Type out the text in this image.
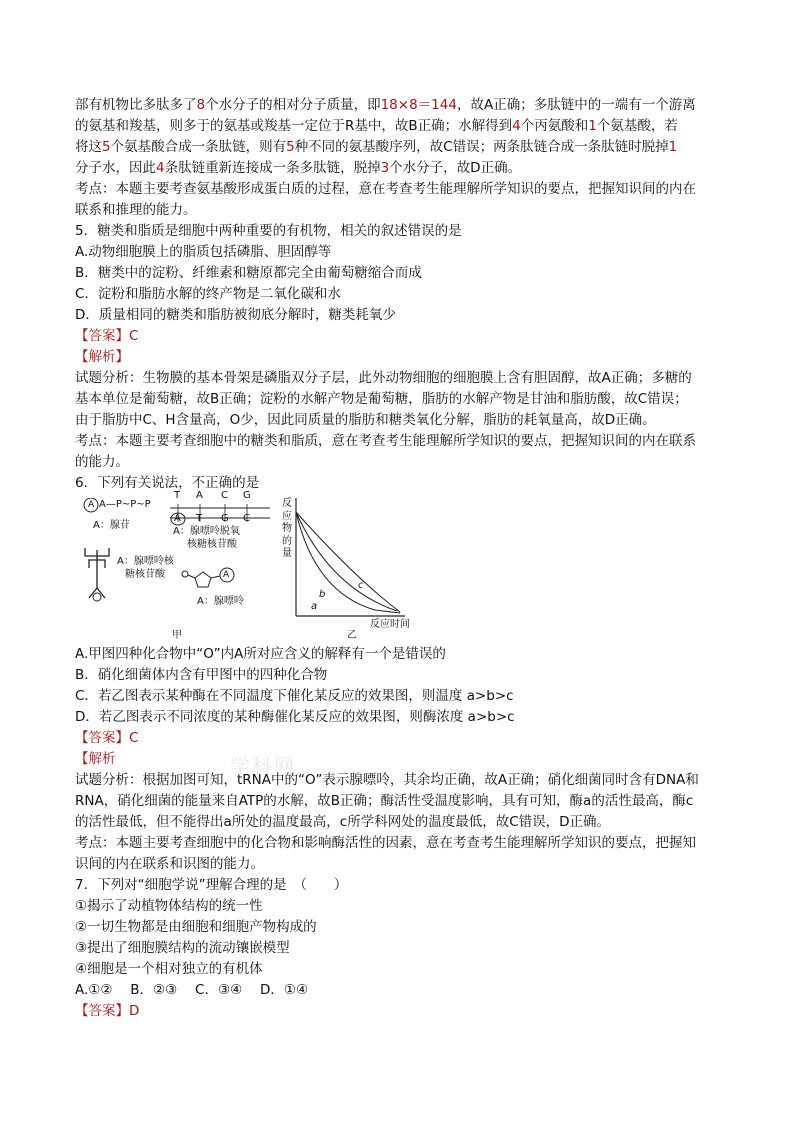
部有机物比多肽多了8个水分子的相对分子质量，即18×8＝144，故A正确；多肽链中的一端有一个游离
的氨基和羧基，则多于的氨基或羧基一定位于R基中，故B正确；水解得到4个丙氨酸和1个氨基酸，若
将这5个氨基酸合成一条肽链，则有5种不同的氨基酸序列，故C错误；两条肽链合成一条肽链时脱掉1
分子水，因此4条肽链重新连接成一条多肽链，脱掉3个水分子，故D正确。
考点：本题主要考查氨基酸形成蛋白质的过程，意在考查考生能理解所学知识的要点，把握知识间的内在
联系和推理的能力。
5．糖类和脂质是细胞中两种重要的有机物，相关的叙述错误的是
A.动物细胞膜上的脂质包括磷脂、胆固醇等
B．糖类中的淀粉、纤维素和糖原都完全由葡萄糖缩合而成
C．淀粉和脂肪水解的终产物是二氧化碳和水
D．质量相同的糖类和脂肪被彻底分解时，糖类耗氧少
【答案】C
【解析】
试题分析：生物膜的基本骨架是磷脂双分子层，此外动物细胞的细胞膜上含有胆固醇，故A正确；多糖的
基本单位是葡萄糖，故B正确；淀粉的水解产物是葡萄糖，脂肪的水解产物是甘油和脂肪酸，故C错误；
由于脂肪中C、H含量高，O少，因此同质量的脂肪和糖类氧化分解，脂肪的耗氧量高，故D正确。
考点：本题主要考查细胞中的糖类和脂质，意在考查考生能理解所学知识的要点，把握知识间的内在联系
的能力。
6．下列有关说法，不正确的是
A A—P~P~P
A：腺苷
T A C G
A T G C
A：腺嘌呤脱氧
核糖核苷酸
A：腺嘌呤核
糖核苷酸	A
A：腺嘌呤
反
应
物
的
量
c
b
a
反应时间
甲	乙
A.甲图四种化合物中“O”内A所对应含义的解释有一个是错误的
B．硝化细菌体内含有甲图中的四种化合物
C．若乙图表示某种酶在不同温度下催化某反应的效果图，则温度 a>b>c
D．若乙图表示不同浓度的某种酶催化某反应的效果图，则酶浓度 a>b>c
【答案】C
【解析
试题分析：根据加图可知，tRNA中的“O”表示腺嘌呤，其余均正确，故A正确；硝化细菌同时含有DNA和
RNA，硝化细菌的能量来自ATP的水解，故B正确；酶活性受温度影响，具有可知，酶a的活性最高，酶c
的活性最低，但不能得出a所处的温度最高，c所学科网处的温度最低，故C错误，D正确。
考点：本题主要考查细胞中的化合物和影响酶活性的因素，意在考查考生能理解所学知识的要点，把握知
识间的内在联系和识图的能力。
7．下列对“细胞学说”理解合理的是　（　　）
①揭示了动植物体结构的统一性
②一切生物都是由细胞和细胞产物构成的
③提出了细胞膜结构的流动镶嵌模型
④细胞是一个相对独立的有机体
A.①②　 B．②③　 C．③④　 D．①④
【答案】D
学科网
